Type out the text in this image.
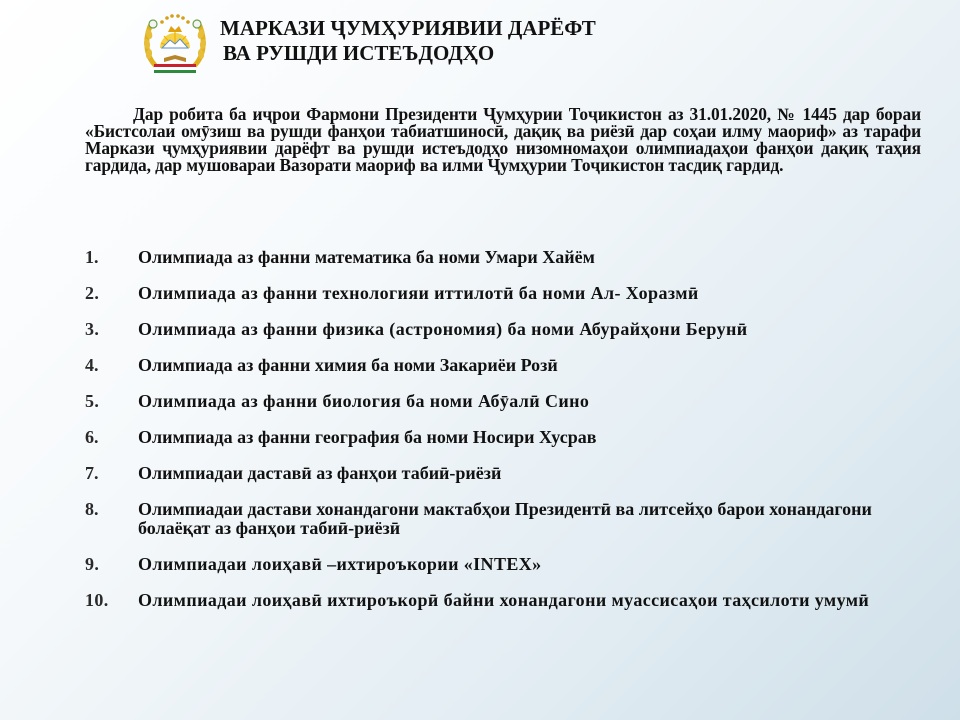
МАРКАЗИ ҶУМҲУРИЯВИИ ДАРЁФТ
ВА РУШДИ ИСТЕЪДОДҲО

Дар робита ба иҷрои Фармони Президенти Ҷумҳурии Тоҷикистон аз 31.01.2020, № 1445 дар бораи «Бистсолаи омӯзиш ва рушди фанҳои табиатшиносӣ, дақиқ ва риёзӣ дар соҳаи илму маориф» аз тарафи Маркази ҷумҳуриявии дарёфт ва рушди истеъдодҳо низомномаҳои олимпиадаҳои фанҳои дақиқ таҳия гардида, дар мушовараи Вазорати маориф ва илми Ҷумҳурии Тоҷикистон тасдиқ гардид.

1. Олимпиада аз фанни математика ба номи Умари Хайём
2. Олимпиада аз фанни технологияи иттилотӣ ба номи Ал- Хоразмӣ
3. Олимпиада аз фанни физика (астрономия) ба номи Абурайҳони Берунӣ
4. Олимпиада аз фанни химия ба номи Закариёи Розӣ
5. Олимпиада аз фанни биология ба номи Абӯалӣ Сино
6. Олимпиада аз фанни география ба номи Носири Хусрав
7. Олимпиадаи даставӣ аз фанҳои табиӣ-риёзӣ
8. Олимпиадаи дастави хонандагони мактабҳои Президентӣ ва литсейҳо барои хонандагони болаёқат аз фанҳои табиӣ-риёзӣ
9. Олимпиадаи лоиҳавӣ –ихтироъкории «INTEX»
10. Олимпиадаи лоиҳавӣ ихтироъкорӣ байни хонандагони муассисаҳои таҳсилоти умумӣ
